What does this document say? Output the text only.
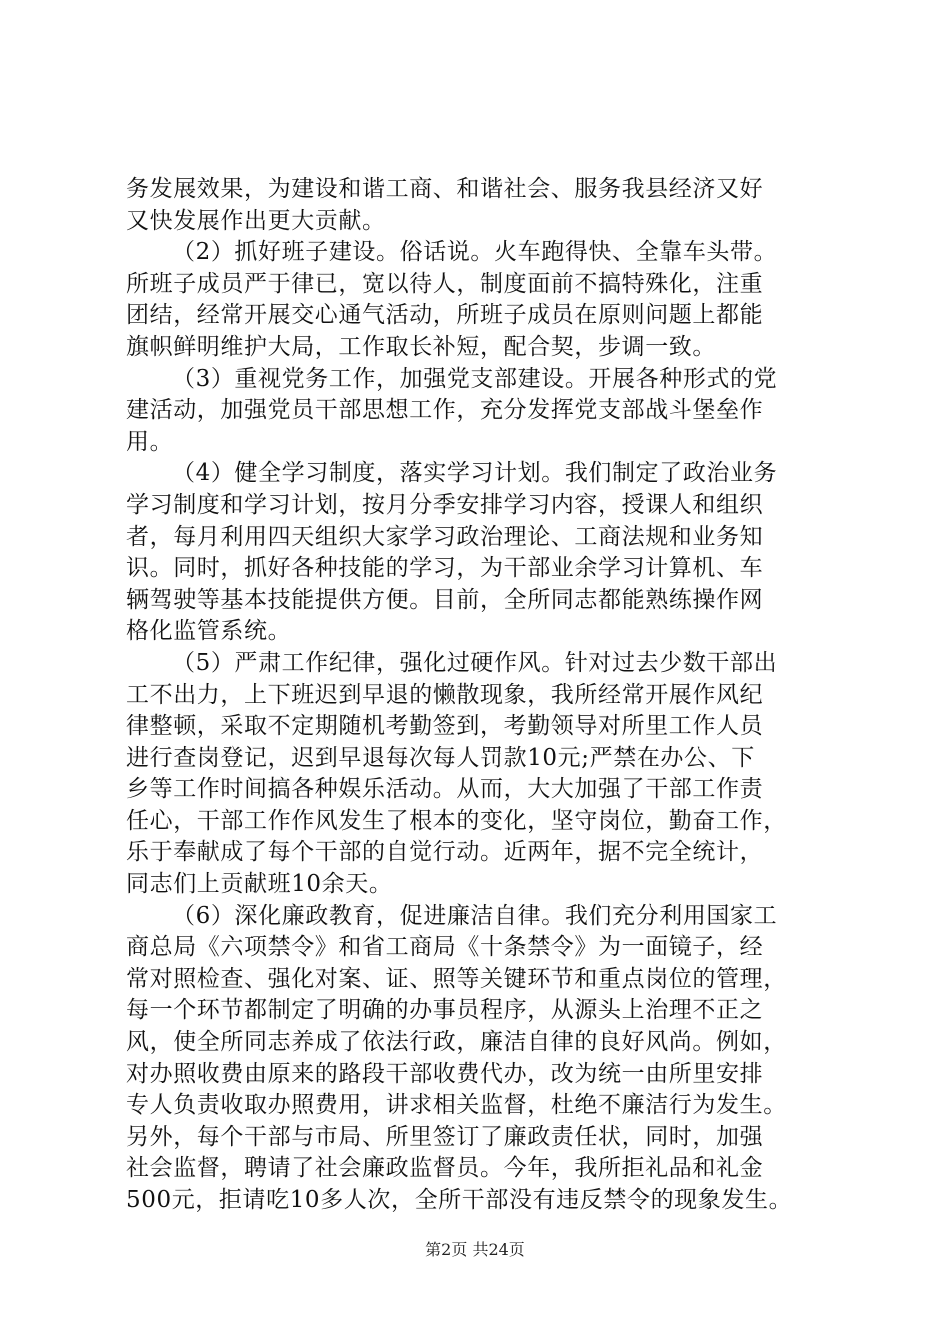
务发展效果，为建设和谐工商、和谐社会、服务我县经济又好
又快发展作出更大贡献。
（2）抓好班子建设。俗话说。火车跑得快、全靠车头带。
所班子成员严于律已，宽以待人，制度面前不搞特殊化，注重
团结，经常开展交心通气活动，所班子成员在原则问题上都能
旗帜鲜明维护大局，工作取长补短，配合契，步调一致。
（3）重视党务工作，加强党支部建设。开展各种形式的党
建活动，加强党员干部思想工作，充分发挥党支部战斗堡垒作
用。
（4）健全学习制度，落实学习计划。我们制定了政治业务
学习制度和学习计划，按月分季安排学习内容，授课人和组织
者，每月利用四天组织大家学习政治理论、工商法规和业务知
识。同时，抓好各种技能的学习，为干部业余学习计算机、车
辆驾驶等基本技能提供方便。目前，全所同志都能熟练操作网
格化监管系统。
（5）严肃工作纪律，强化过硬作风。针对过去少数干部出
工不出力，上下班迟到早退的懒散现象，我所经常开展作风纪
律整顿，采取不定期随机考勤签到，考勤领导对所里工作人员
进行查岗登记，迟到早退每次每人罚款10元;严禁在办公、下
乡等工作时间搞各种娱乐活动。从而，大大加强了干部工作责
任心，干部工作作风发生了根本的变化，坚守岗位，勤奋工作，
乐于奉献成了每个干部的自觉行动。近两年，据不完全统计，
同志们上贡献班10余天。
（6）深化廉政教育，促进廉洁自律。我们充分利用国家工
商总局《六项禁令》和省工商局《十条禁令》为一面镜子，经
常对照检查、强化对案、证、照等关键环节和重点岗位的管理，
每一个环节都制定了明确的办事员程序，从源头上治理不正之
风，使全所同志养成了依法行政，廉洁自律的良好风尚。例如，
对办照收费由原来的路段干部收费代办，改为统一由所里安排
专人负责收取办照费用，讲求相关监督，杜绝不廉洁行为发生。
另外，每个干部与市局、所里签订了廉政责任状，同时，加强
社会监督，聘请了社会廉政监督员。今年，我所拒礼品和礼金
500元，拒请吃10多人次，全所干部没有违反禁令的现象发生。
第2页 共24页
